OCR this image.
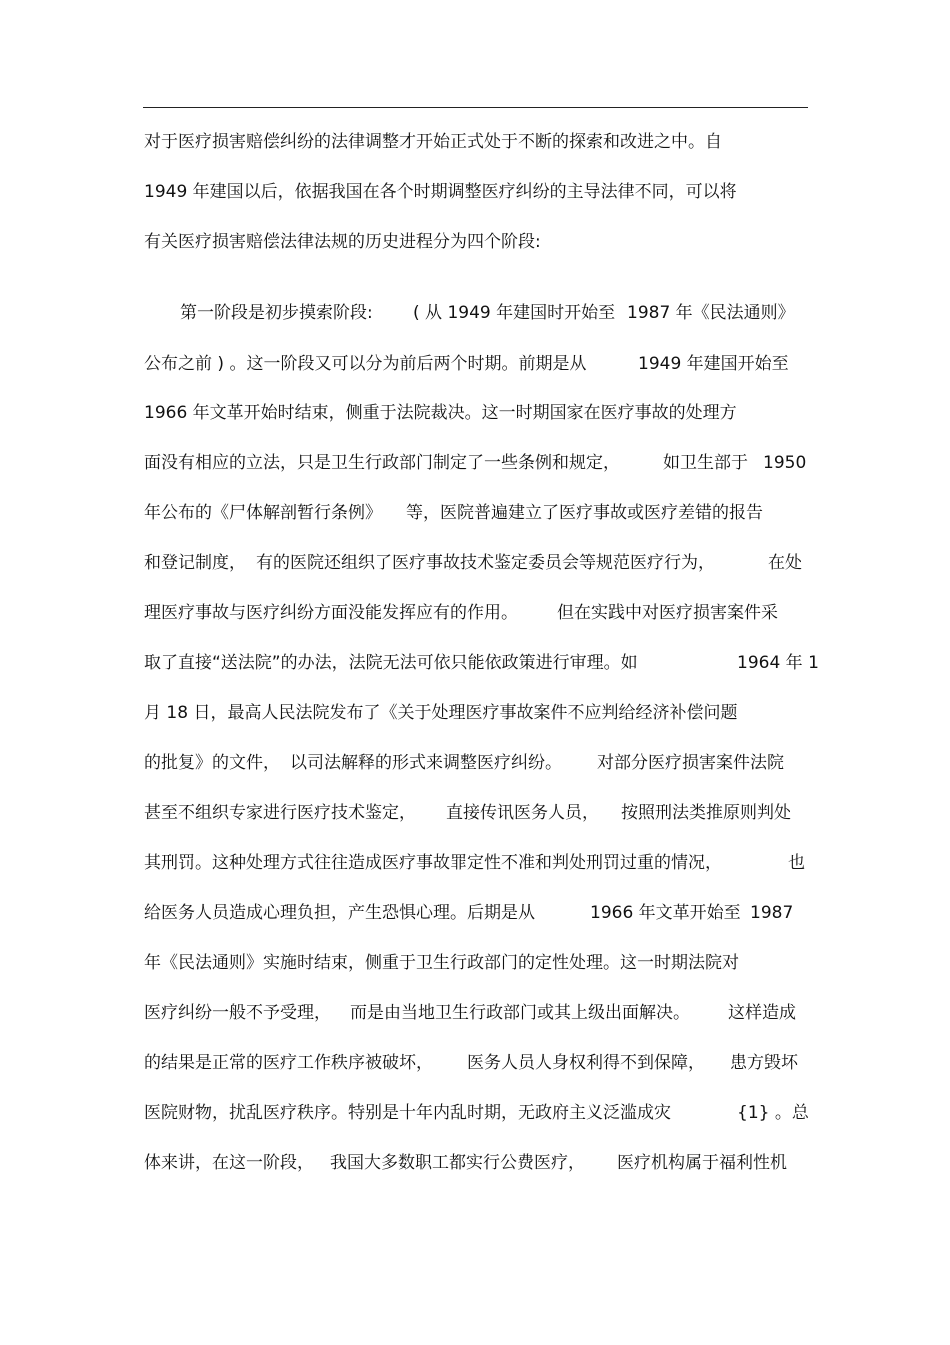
对于医疗损害赔偿纠纷的法律调整才开始正式处于不断的探索和改进之中。自

1949 年建国以后，依据我国在各个时期调整医疗纠纷的主导法律不同，可以将

有关医疗损害赔偿法律法规的历史进程分为四个阶段:

第一阶段是初步摸索阶段:

( 从 1949 年建国时开始至

1987 年《民法通则》

公布之前 ) 。这一阶段又可以分为前后两个时期。前期是从

	1949 年建国开始至

1966 年文革开始时结束，侧重于法院裁决。这一时期国家在医疗事故的处理方

面没有相应的立法，只是卫生行政部门制定了一些条例和规定，

	如卫生部于

1950

年公布的《尸体解剖暂行条例》

等，医院普遍建立了医疗事故或医疗差错的报告

和登记制度，

有的医院还组织了医疗事故技术鉴定委员会等规范医疗行为，

	在处

理医疗事故与医疗纠纷方面没能发挥应有的作用。

但在实践中对医疗损害案件采

取了直接“送法院”的办法，法院无法可依只能依政策进行审理。如

	1964 年 1

月 18 日，最高人民法院发布了《关于处理医疗事故案件不应判给经济补偿问题

的批复》的文件，

以司法解释的形式来调整医疗纠纷。

对部分医疗损害案件法院

甚至不组织专家进行医疗技术鉴定，

直接传讯医务人员，

按照刑法类推原则判处

其刑罚。这种处理方式往往造成医疗事故罪定性不准和判处刑罚过重的情况，

	也

给医务人员造成心理负担，产生恐惧心理。后期是从

	1966 年文革开始至

1987

年《民法通则》实施时结束，侧重于卫生行政部门的定性处理。这一时期法院对

医疗纠纷一般不予受理，

而是由当地卫生行政部门或其上级出面解决。

这样造成

的结果是正常的医疗工作秩序被破坏，

医务人员人身权利得不到保障，

患方毁坏

医院财物，扰乱医疗秩序。特别是十年内乱时期，无政府主义泛滥成灾

	{1} 。总

体来讲，在这一阶段，

我国大多数职工都实行公费医疗，

医疗机构属于福利性机
